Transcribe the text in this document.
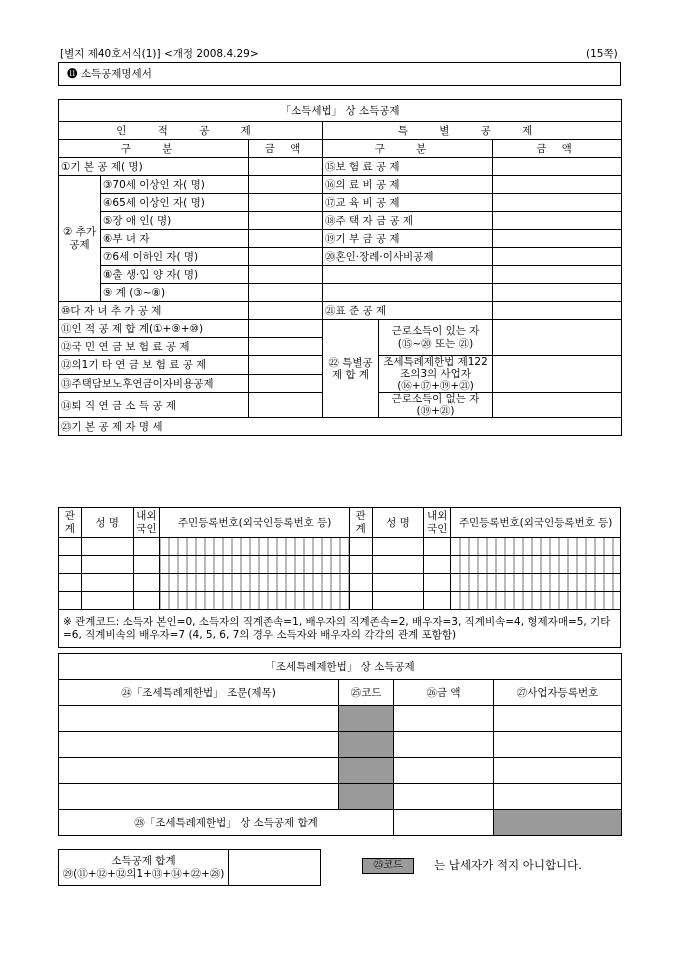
[별지 제40호서식(1)] <개정 2008.4.29>	(15쪽)
⓫ 소득공제명세서
「소득세법」 상 소득공제					
인 적 공 제			특 별 공 제		
구 분		금 액	구 분		금 액
①기 본 공 제( 명)			⑮보 험 료 공 제		
② 추가 공제	③70세 이상인 자( 명)		⑯의 료 비 공 제		
	④65세 이상인 자( 명)		⑰교 육 비 공 제		
	⑤장 애 인( 명)		⑱주 택 자 금 공 제		
	⑥부 녀 자		⑲기 부 금 공 제		
	⑦6세 이하인 자( 명)		⑳혼인·장례·이사비공제		
	⑧출 생·입 양 자( 명)				
	⑨ 계 (③~⑧)				
⑩다 자 녀 추 가 공 제			㉑표 준 공 제		
⑪인 적 공 제 합 계(①+⑨+⑩)			㉒ 특별공제 합 계	근로소득이 있는 자 (⑮~⑳ 또는 ㉑)	
⑫국 민 연 금 보 험 료 공 제					
⑫의1기 타 연 금 보 험 료 공 제				조세특례제한법 제122조의3의 사업자 (⑯+⑰+⑲+㉑)	
⑬주택담보노후연금이자비용공제					
⑭퇴 직 연 금 소 득 공 제				근로소득이 없는 자 (⑲+㉑)	
㉓기 본 공 제 자 명 세					
관계	성 명	내외 국인	주민등록번호(외국인등록번호 등)	관계	성 명	내외 국인	주민등록번호(외국인등록번호 등)

※ 관계코드: 소득자 본인=0, 소득자의 직계존속=1, 배우자의 직계존속=2, 배우자=3, 직계비속=4, 형제자매=5, 기타=6, 직계비속의 배우자=7 (4, 5, 6, 7의 경우 소득자와 배우자의 각각의 관계 포함함)							
「조세특례제한법」 상 소득공제			
㉔「조세특례제한법」 조문(제목)	㉕코드	㉖금 액	㉗사업자등록번호

㉘「조세특례제한법」 상 소득공제 합계			
소득공제 합계
㉙(⑪+⑫+⑫의1+⑬+⑭+㉒+㉘)

㉕코드	는 납세자가 적지 아니합니다.
